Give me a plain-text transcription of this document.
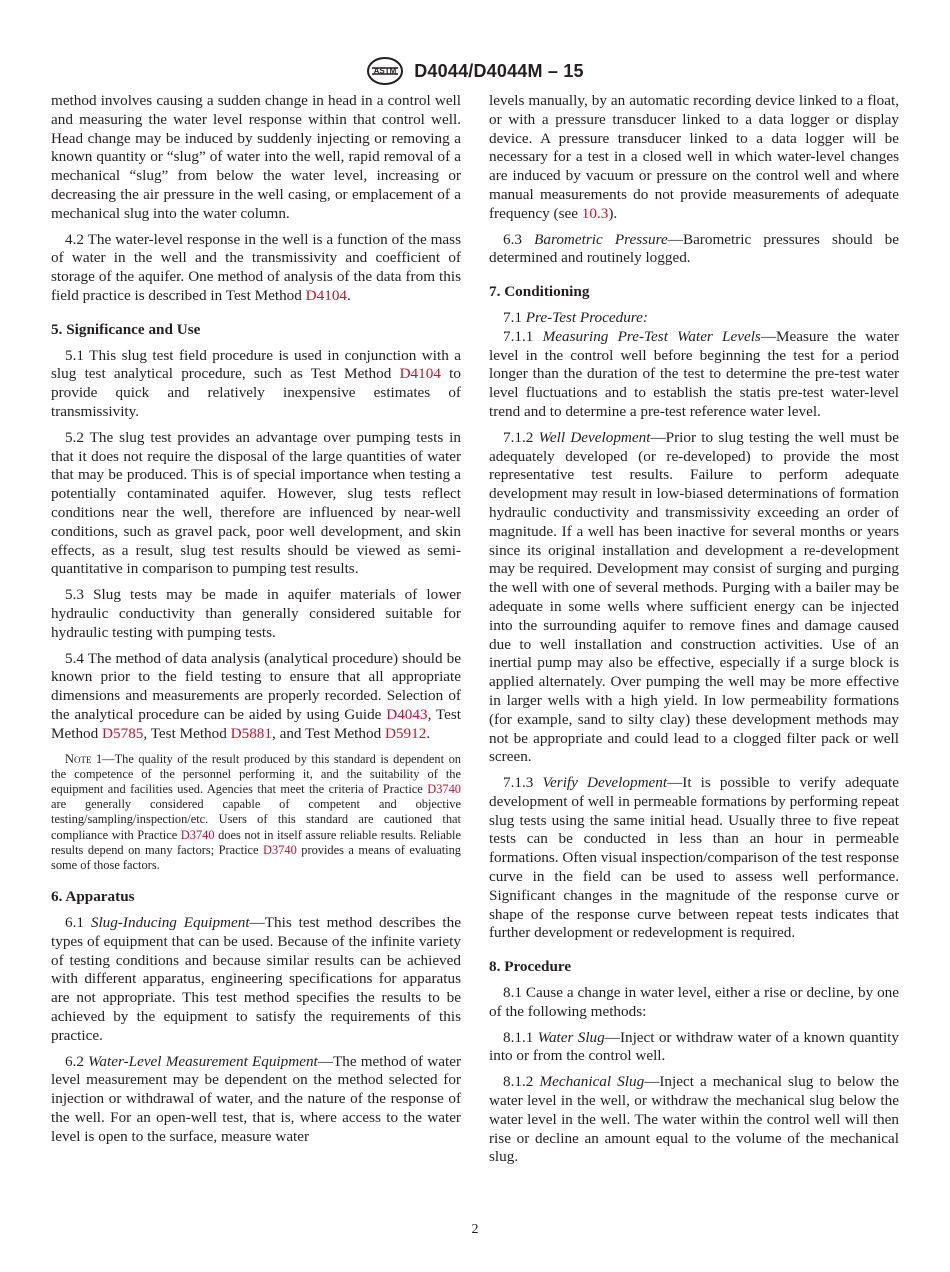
ASTM D4044/D4044M – 15

method involves causing a sudden change in head in a control well and measuring the water level response within that control well. Head change may be induced by suddenly injecting or removing a known quantity or “slug” of water into the well, rapid removal of a mechanical “slug” from below the water level, increasing or decreasing the air pressure in the well casing, or emplacement of a mechanical slug into the water column.

4.2 The water-level response in the well is a function of the mass of water in the well and the transmissivity and coefficient of storage of the aquifer. One method of analysis of the data from this field practice is described in Test Method D4104.

5. Significance and Use

5.1 This slug test field procedure is used in conjunction with a slug test analytical procedure, such as Test Method D4104 to provide quick and relatively inexpensive estimates of transmissivity.

5.2 The slug test provides an advantage over pumping tests in that it does not require the disposal of the large quantities of water that may be produced. This is of special importance when testing a potentially contaminated aquifer. However, slug tests reflect conditions near the well, therefore are influenced by near-well conditions, such as gravel pack, poor well development, and skin effects, as a result, slug test results should be viewed as semi-quantitative in comparison to pumping test results.

5.3 Slug tests may be made in aquifer materials of lower hydraulic conductivity than generally considered suitable for hydraulic testing with pumping tests.

5.4 The method of data analysis (analytical procedure) should be known prior to the field testing to ensure that all appropriate dimensions and measurements are properly recorded. Selection of the analytical procedure can be aided by using Guide D4043, Test Method D5785, Test Method D5881, and Test Method D5912.

Note 1—The quality of the result produced by this standard is dependent on the competence of the personnel performing it, and the suitability of the equipment and facilities used. Agencies that meet the criteria of Practice D3740 are generally considered capable of competent and objective testing/sampling/inspection/etc. Users of this standard are cautioned that compliance with Practice D3740 does not in itself assure reliable results. Reliable results depend on many factors; Practice D3740 provides a means of evaluating some of those factors.
6. Apparatus

6.1 Slug-Inducing Equipment—This test method describes the types of equipment that can be used. Because of the infinite variety of testing conditions and because similar results can be achieved with different apparatus, engineering specifications for apparatus are not appropriate. This test method specifies the results to be achieved by the equipment to satisfy the requirements of this practice.

6.2 Water-Level Measurement Equipment—The method of water level measurement may be dependent on the method selected for injection or withdrawal of water, and the nature of the response of the well. For an open-well test, that is, where access to the water level is open to the surface, measure water

levels manually, by an automatic recording device linked to a float, or with a pressure transducer linked to a data logger or display device. A pressure transducer linked to a data logger will be necessary for a test in a closed well in which water-level changes are induced by vacuum or pressure on the control well and where manual measurements do not provide measurements of adequate frequency (see 10.3).

6.3 Barometric Pressure—Barometric pressures should be determined and routinely logged.

7. Conditioning

7.1 Pre-Test Procedure:

7.1.1 Measuring Pre-Test Water Levels—Measure the water level in the control well before beginning the test for a period longer than the duration of the test to determine the pre-test water level fluctuations and to establish the statis pre-test water-level trend and to determine a pre-test reference water level.

7.1.2 Well Development—Prior to slug testing the well must be adequately developed (or re-developed) to provide the most representative test results. Failure to perform adequate development may result in low-biased determinations of formation hydraulic conductivity and transmissivity exceeding an order of magnitude. If a well has been inactive for several months or years since its original installation and development a re-development may be required. Development may consist of surging and purging the well with one of several methods. Purging with a bailer may be adequate in some wells where sufficient energy can be injected into the surrounding aquifer to remove fines and damage caused due to well installation and construction activities. Use of an inertial pump may also be effective, especially if a surge block is applied alternately. Over pumping the well may be more effective in larger wells with a high yield. In low permeability formations (for example, sand to silty clay) these development methods may not be appropriate and could lead to a clogged filter pack or well screen.

7.1.3 Verify Development—It is possible to verify adequate development of well in permeable formations by performing repeat slug tests using the same initial head. Usually three to five repeat tests can be conducted in less than an hour in permeable formations. Often visual inspection/comparison of the test response curve in the field can be used to assess well performance. Significant changes in the magnitude of the response curve or shape of the response curve between repeat tests indicates that further development or redevelopment is required.

8. Procedure

8.1 Cause a change in water level, either a rise or decline, by one of the following methods:

8.1.1 Water Slug—Inject or withdraw water of a known quantity into or from the control well.

8.1.2 Mechanical Slug—Inject a mechanical slug to below the water level in the well, or withdraw the mechanical slug below the water level in the well. The water within the control well will then rise or decline an amount equal to the volume of the mechanical slug.

2
